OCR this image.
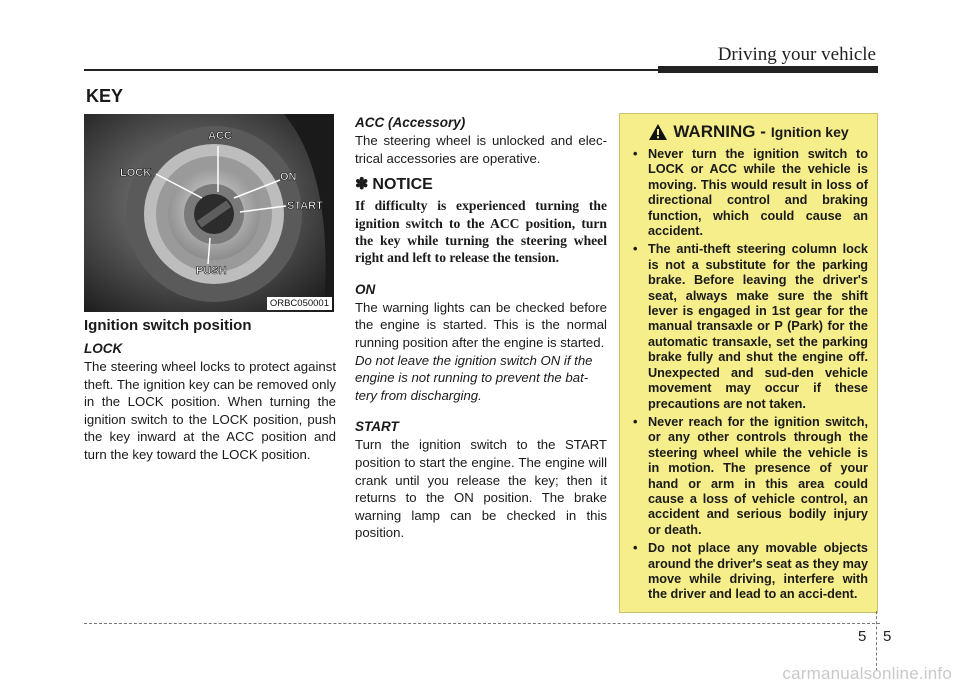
Driving your vehicle
KEY
ACC
LOCK	ON
START
PUSH
ORBC050001
Ignition switch position
LOCK
The steering wheel locks to protect against theft. The ignition key can be removed only in the LOCK position. When turning the ignition switch to the LOCK position, push the key inward at the ACC position and turn the key toward the LOCK position.
ACC (Accessory)
The steering wheel is unlocked and elec-trical accessories are operative.
✽ NOTICE
If difficulty is experienced turning the ignition switch to the ACC position, turn the key while turning the steering wheel right and left to release the tension.
ON
The warning lights can be checked before the engine is started. This is the normal running position after the engine is started.
Do not leave the ignition switch ON if the engine is not running to prevent the bat-tery from discharging.
START
Turn the ignition switch to the START position to start the engine. The engine will crank until you release the key; then it returns to the ON position. The brake warning lamp can be checked in this position.
WARNING - Ignition key
• Never turn the ignition switch to LOCK or ACC while the vehicle is moving. This would result in loss of directional control and braking function, which could cause an accident.
• The anti-theft steering column lock is not a substitute for the parking brake. Before leaving the driver's seat, always make sure the shift lever is engaged in 1st gear for the manual transaxle or P (Park) for the automatic transaxle, set the parking brake fully and shut the engine off. Unexpected and sud-den vehicle movement may occur if these precautions are not taken.
• Never reach for the ignition switch, or any other controls through the steering wheel while the vehicle is in motion. The presence of your hand or arm in this area could cause a loss of vehicle control, an accident and serious bodily injury or death.
• Do not place any movable objects around the driver's seat as they may move while driving, interfere with the driver and lead to an acci-dent.
5 5
carmanualsonline.info
